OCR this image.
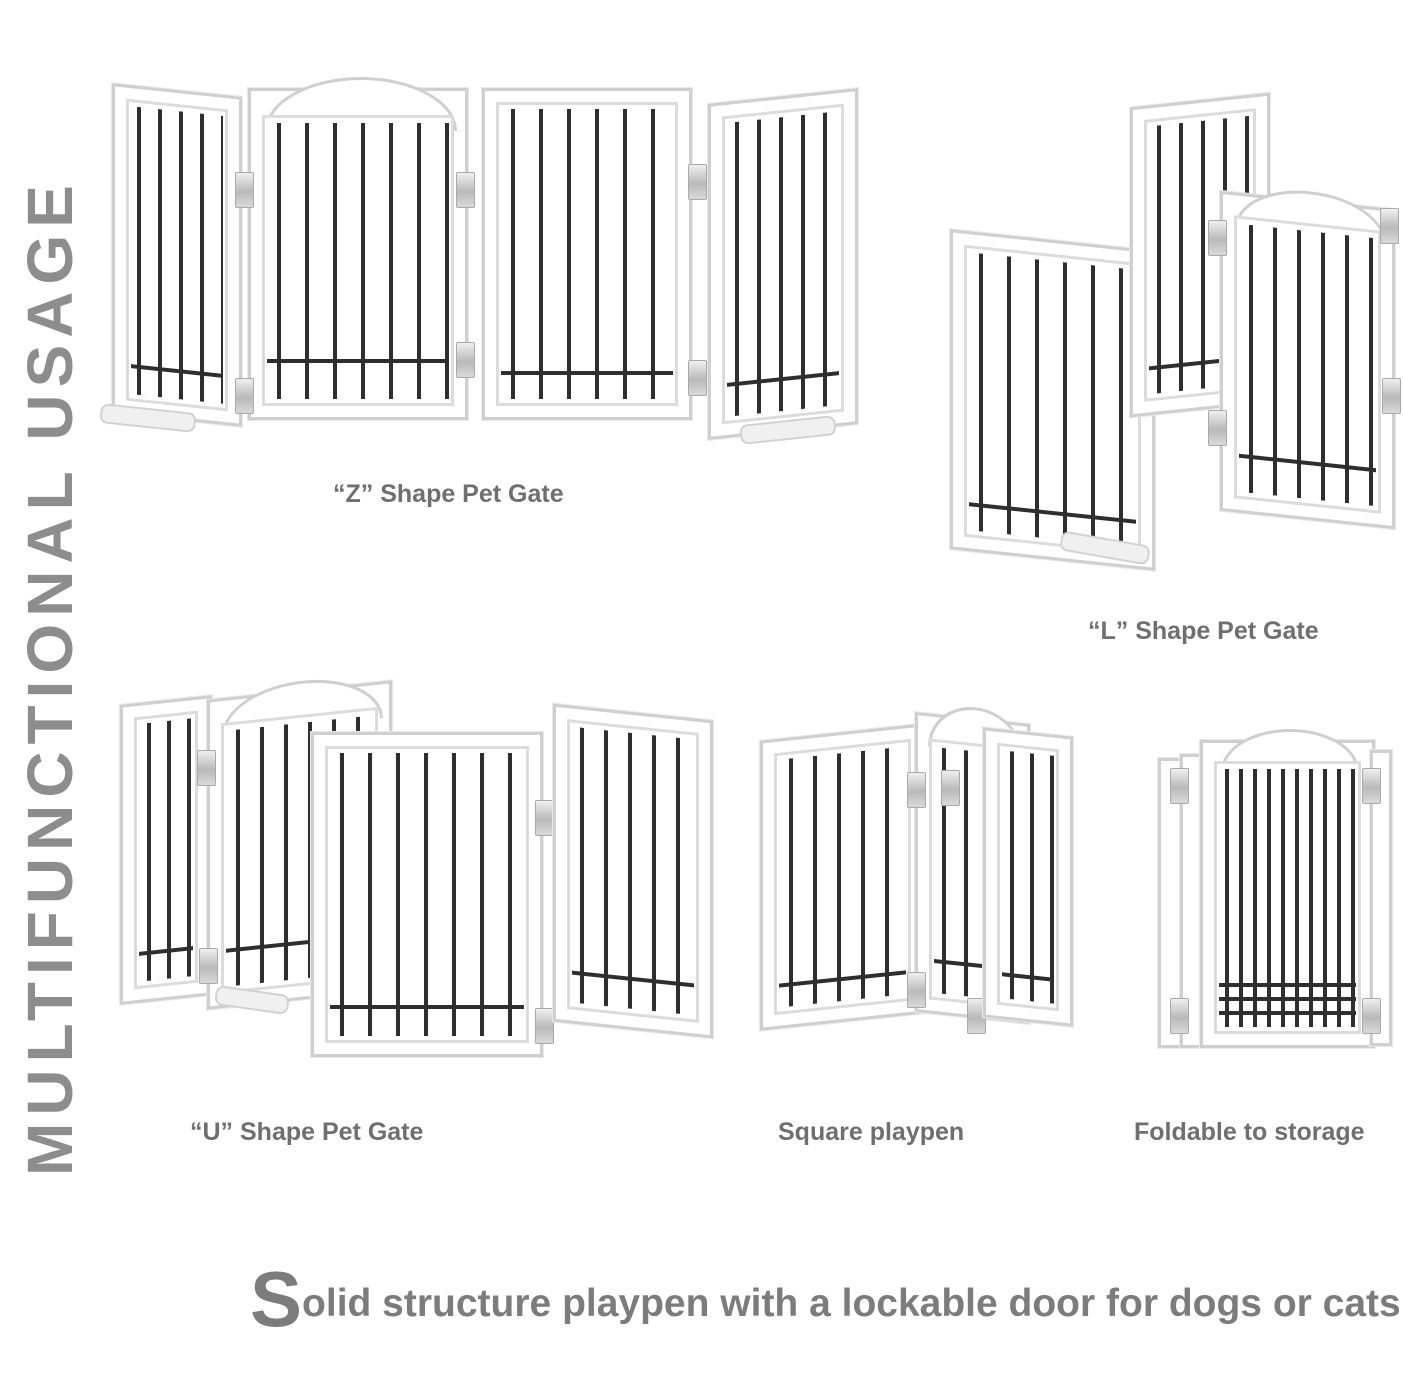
MULTIFUNCTIONAL USAGE	“Z” Shape Pet Gate
“L” Shape Pet Gate
“U” Shape Pet Gate	Square playpen	Foldable to storage
Solid structure playpen with a lockable door for dogs or cats
